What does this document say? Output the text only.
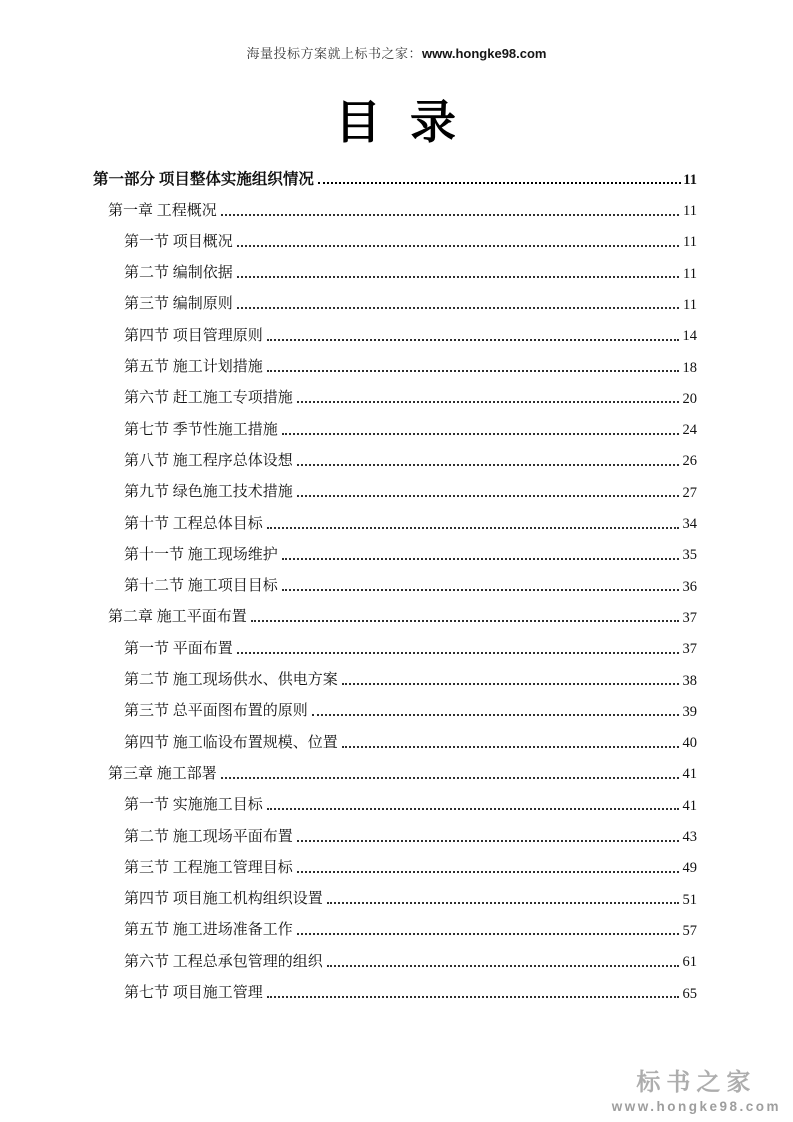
海量投标方案就上标书之家：www.hongke98.com
目  录
第一部分 项目整体实施组织情况	11
第一章 工程概况	11
第一节 项目概况	11
第二节 编制依据	11
第三节 编制原则	11
第四节 项目管理原则	14
第五节 施工计划措施	18
第六节 赶工施工专项措施	20
第七节 季节性施工措施	24
第八节 施工程序总体设想	26
第九节 绿色施工技术措施	27
第十节 工程总体目标	34
第十一节 施工现场维护	35
第十二节 施工项目目标	36
第二章 施工平面布置	37
第一节 平面布置	37
第二节 施工现场供水、供电方案	38
第三节 总平面图布置的原则	39
第四节 施工临设布置规模、位置	40
第三章 施工部署	41
第一节 实施施工目标	41
第二节 施工现场平面布置	43
第三节 工程施工管理目标	49
第四节 项目施工机构组织设置	51
第五节 施工进场准备工作	57
第六节 工程总承包管理的组织	61
第七节 项目施工管理	65
标书之家
www.hongke98.com
